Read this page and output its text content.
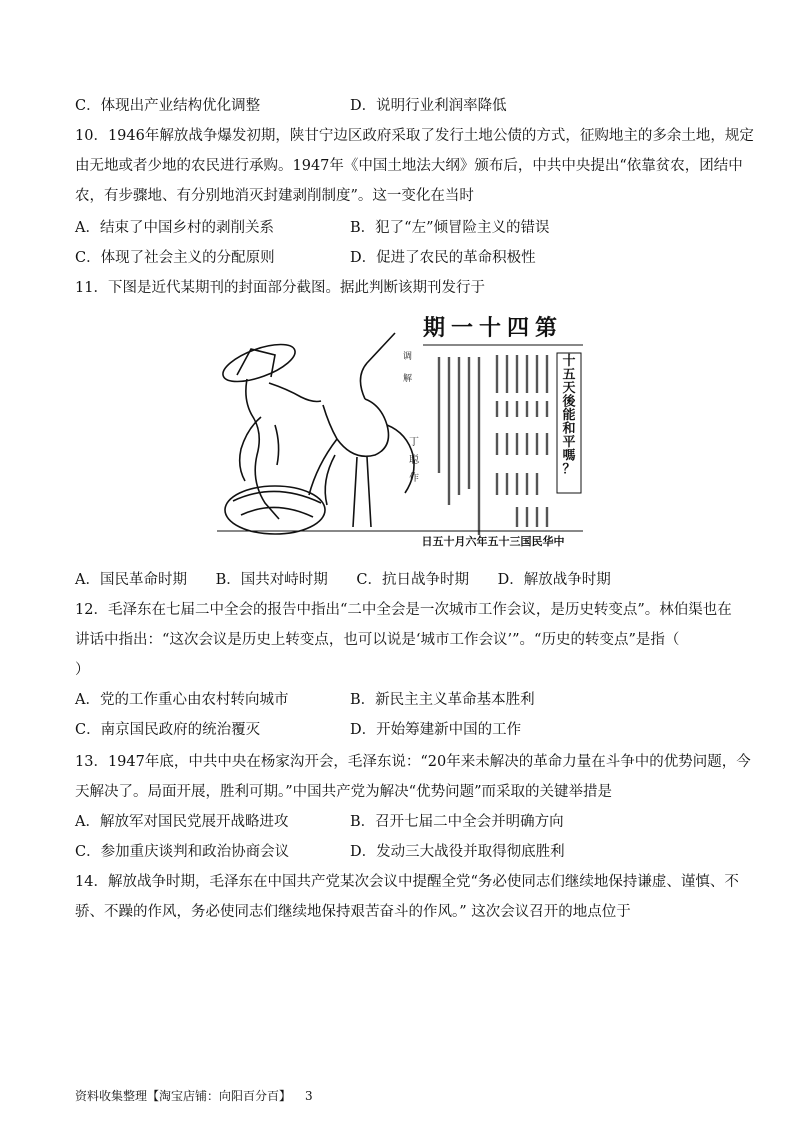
C．体现出产业结构优化调整	D．说明行业利润率降低
10．1946年解放战争爆发初期，陕甘宁边区政府采取了发行土地公债的方式，征购地主的多余土地，规定
由无地或者少地的农民进行承购。1947年《中国土地法大纲》颁布后，中共中央提出“依靠贫农，团结中
农，有步骤地、有分别地消灭封建剥削制度”。这一变化在当时
A．结束了中国乡村的剥削关系	B．犯了“左”倾冒险主义的错误
C．体现了社会主义的分配原则	D．促进了农民的革命积极性
11．下图是近代某期刊的封面部分截图。据此判断该期刊发行于
调 解
丁 聪 作
期一十四第
十五天後能和平嗎？
日五十月六年五十三国民华中
A．国民革命时期 B．国共对峙时期 C．抗日战争时期 D．解放战争时期
12．毛泽东在七届二中全会的报告中指出“二中全会是一次城市工作会议，是历史转变点”。林伯渠也在
讲话中指出：“这次会议是历史上转变点，也可以说是‘城市工作会议’”。“历史的转变点”是指（
）
A．党的工作重心由农村转向城市	B．新民主主义革命基本胜利
C．南京国民政府的统治覆灭	D．开始筹建新中国的工作
13．1947年底，中共中央在杨家沟开会，毛泽东说：“20年来未解决的革命力量在斗争中的优势问题，今
天解决了。局面开展，胜利可期。”中国共产党为解决“优势问题”而采取的关键举措是
A．解放军对国民党展开战略进攻	B．召开七届二中全会并明确方向
C．参加重庆谈判和政治协商会议	D．发动三大战役并取得彻底胜利
14．解放战争时期，毛泽东在中国共产党某次会议中提醒全党“务必使同志们继续地保持谦虚、谨慎、不
骄、不躁的作风，务必使同志们继续地保持艰苦奋斗的作风。” 这次会议召开的地点位于
资料收集整理【淘宝店铺：向阳百分百】 3
